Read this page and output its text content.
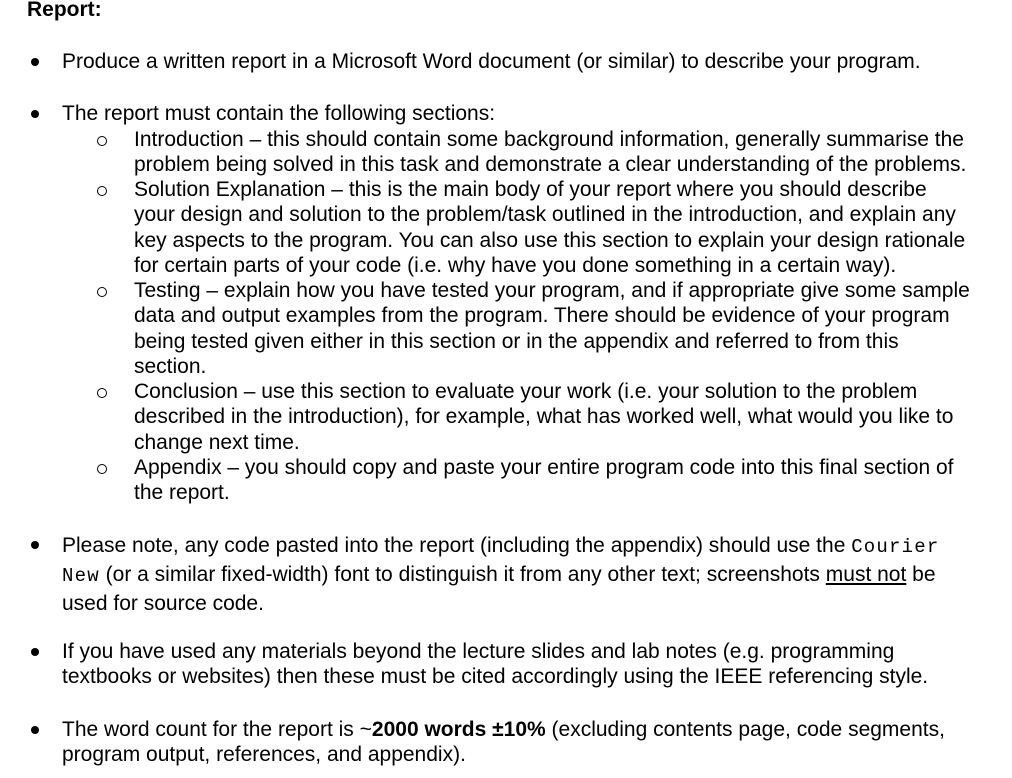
Report:
Produce a written report in a Microsoft Word document (or similar) to describe your program.
The report must contain the following sections:
Introduction – this should contain some background information, generally summarise the
problem being solved in this task and demonstrate a clear understanding of the problems.
Solution Explanation – this is the main body of your report where you should describe
your design and solution to the problem/task outlined in the introduction, and explain any
key aspects to the program. You can also use this section to explain your design rationale
for certain parts of your code (i.e. why have you done something in a certain way).
Testing – explain how you have tested your program, and if appropriate give some sample
data and output examples from the program. There should be evidence of your program
being tested given either in this section or in the appendix and referred to from this
section.
Conclusion – use this section to evaluate your work (i.e. your solution to the problem
described in the introduction), for example, what has worked well, what would you like to
change next time.
Appendix – you should copy and paste your entire program code into this final section of
the report.
Please note, any code pasted into the report (including the appendix) should use the Courier
New (or a similar fixed-width) font to distinguish it from any other text; screenshots must not be
used for source code.
If you have used any materials beyond the lecture slides and lab notes (e.g. programming
textbooks or websites) then these must be cited accordingly using the IEEE referencing style.
The word count for the report is ~2000 words ±10% (excluding contents page, code segments,
program output, references, and appendix).
